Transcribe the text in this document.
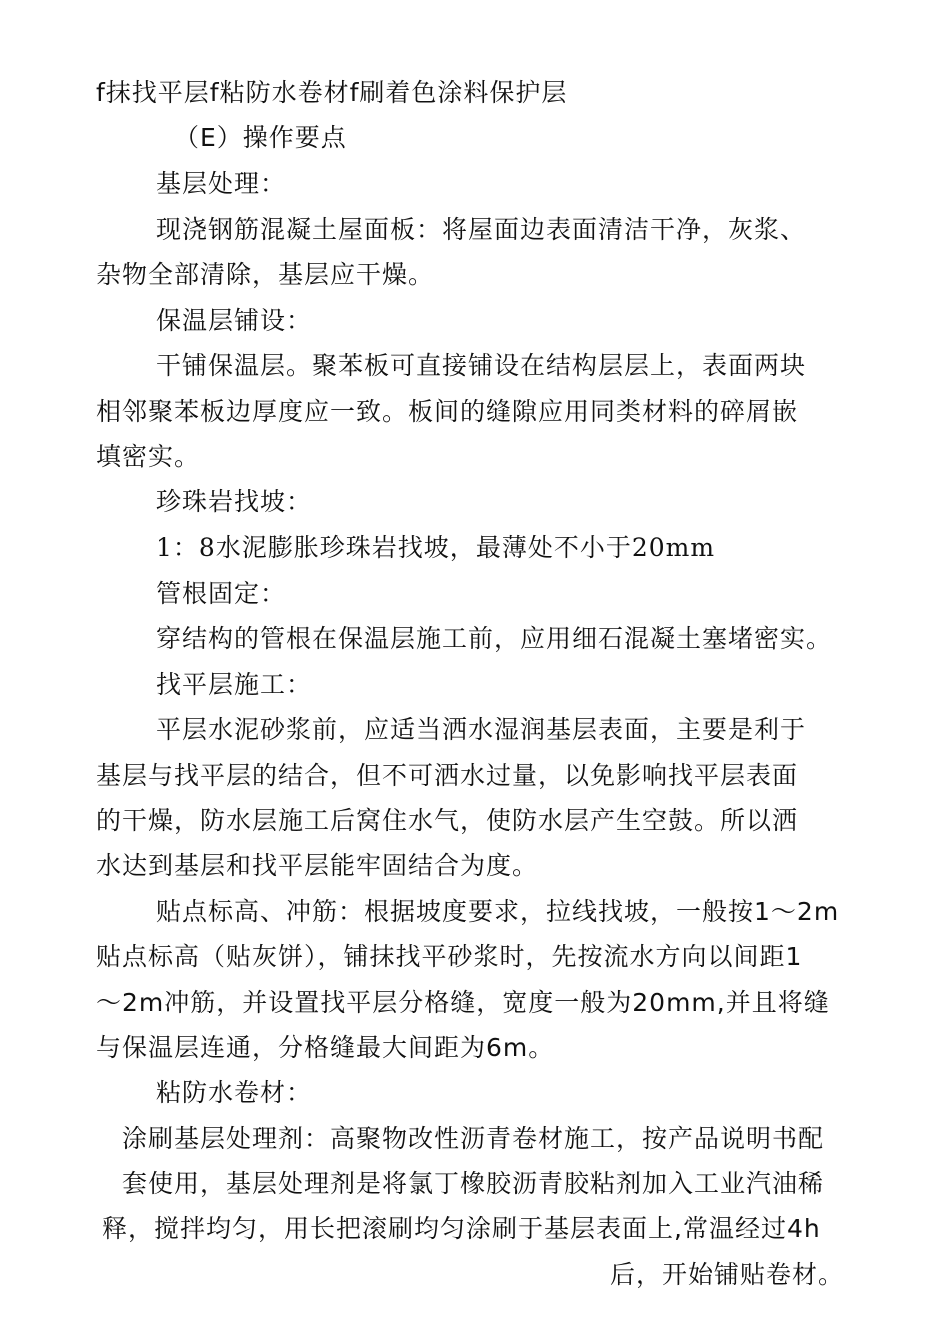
f抹找平层f粘防水卷材f刷着色涂料保护层
（E）操作要点
基层处理：
现浇钢筋混凝土屋面板：将屋面边表面清洁干净，灰浆、
杂物全部清除，基层应干燥。
保温层铺设：
干铺保温层。聚苯板可直接铺设在结构层层上，表面两块
相邻聚苯板边厚度应一致。板间的缝隙应用同类材料的碎屑嵌
填密实。
珍珠岩找坡：
1：8水泥膨胀珍珠岩找坡，最薄处不小于20mm
管根固定：
穿结构的管根在保温层施工前，应用细石混凝土塞堵密实。
找平层施工：
平层水泥砂浆前，应适当洒水湿润基层表面，主要是利于
基层与找平层的结合，但不可洒水过量，以免影响找平层表面
的干燥，防水层施工后窝住水气，使防水层产生空鼓。所以洒
水达到基层和找平层能牢固结合为度。
贴点标高、冲筋：根据坡度要求，拉线找坡，一般按1〜2m
贴点标高（贴灰饼），铺抹找平砂浆时，先按流水方向以间距1
〜2m冲筋，并设置找平层分格缝，宽度一般为20mm,并且将缝
与保温层连通，分格缝最大间距为6m。
粘防水卷材：
涂刷基层处理剂：高聚物改性沥青卷材施工，按产品说明书配
套使用，基层处理剂是将氯丁橡胶沥青胶粘剂加入工业汽油稀
释，搅拌均匀，用长把滚刷均匀涂刷于基层表面上,常温经过4h
后，开始铺贴卷材。
